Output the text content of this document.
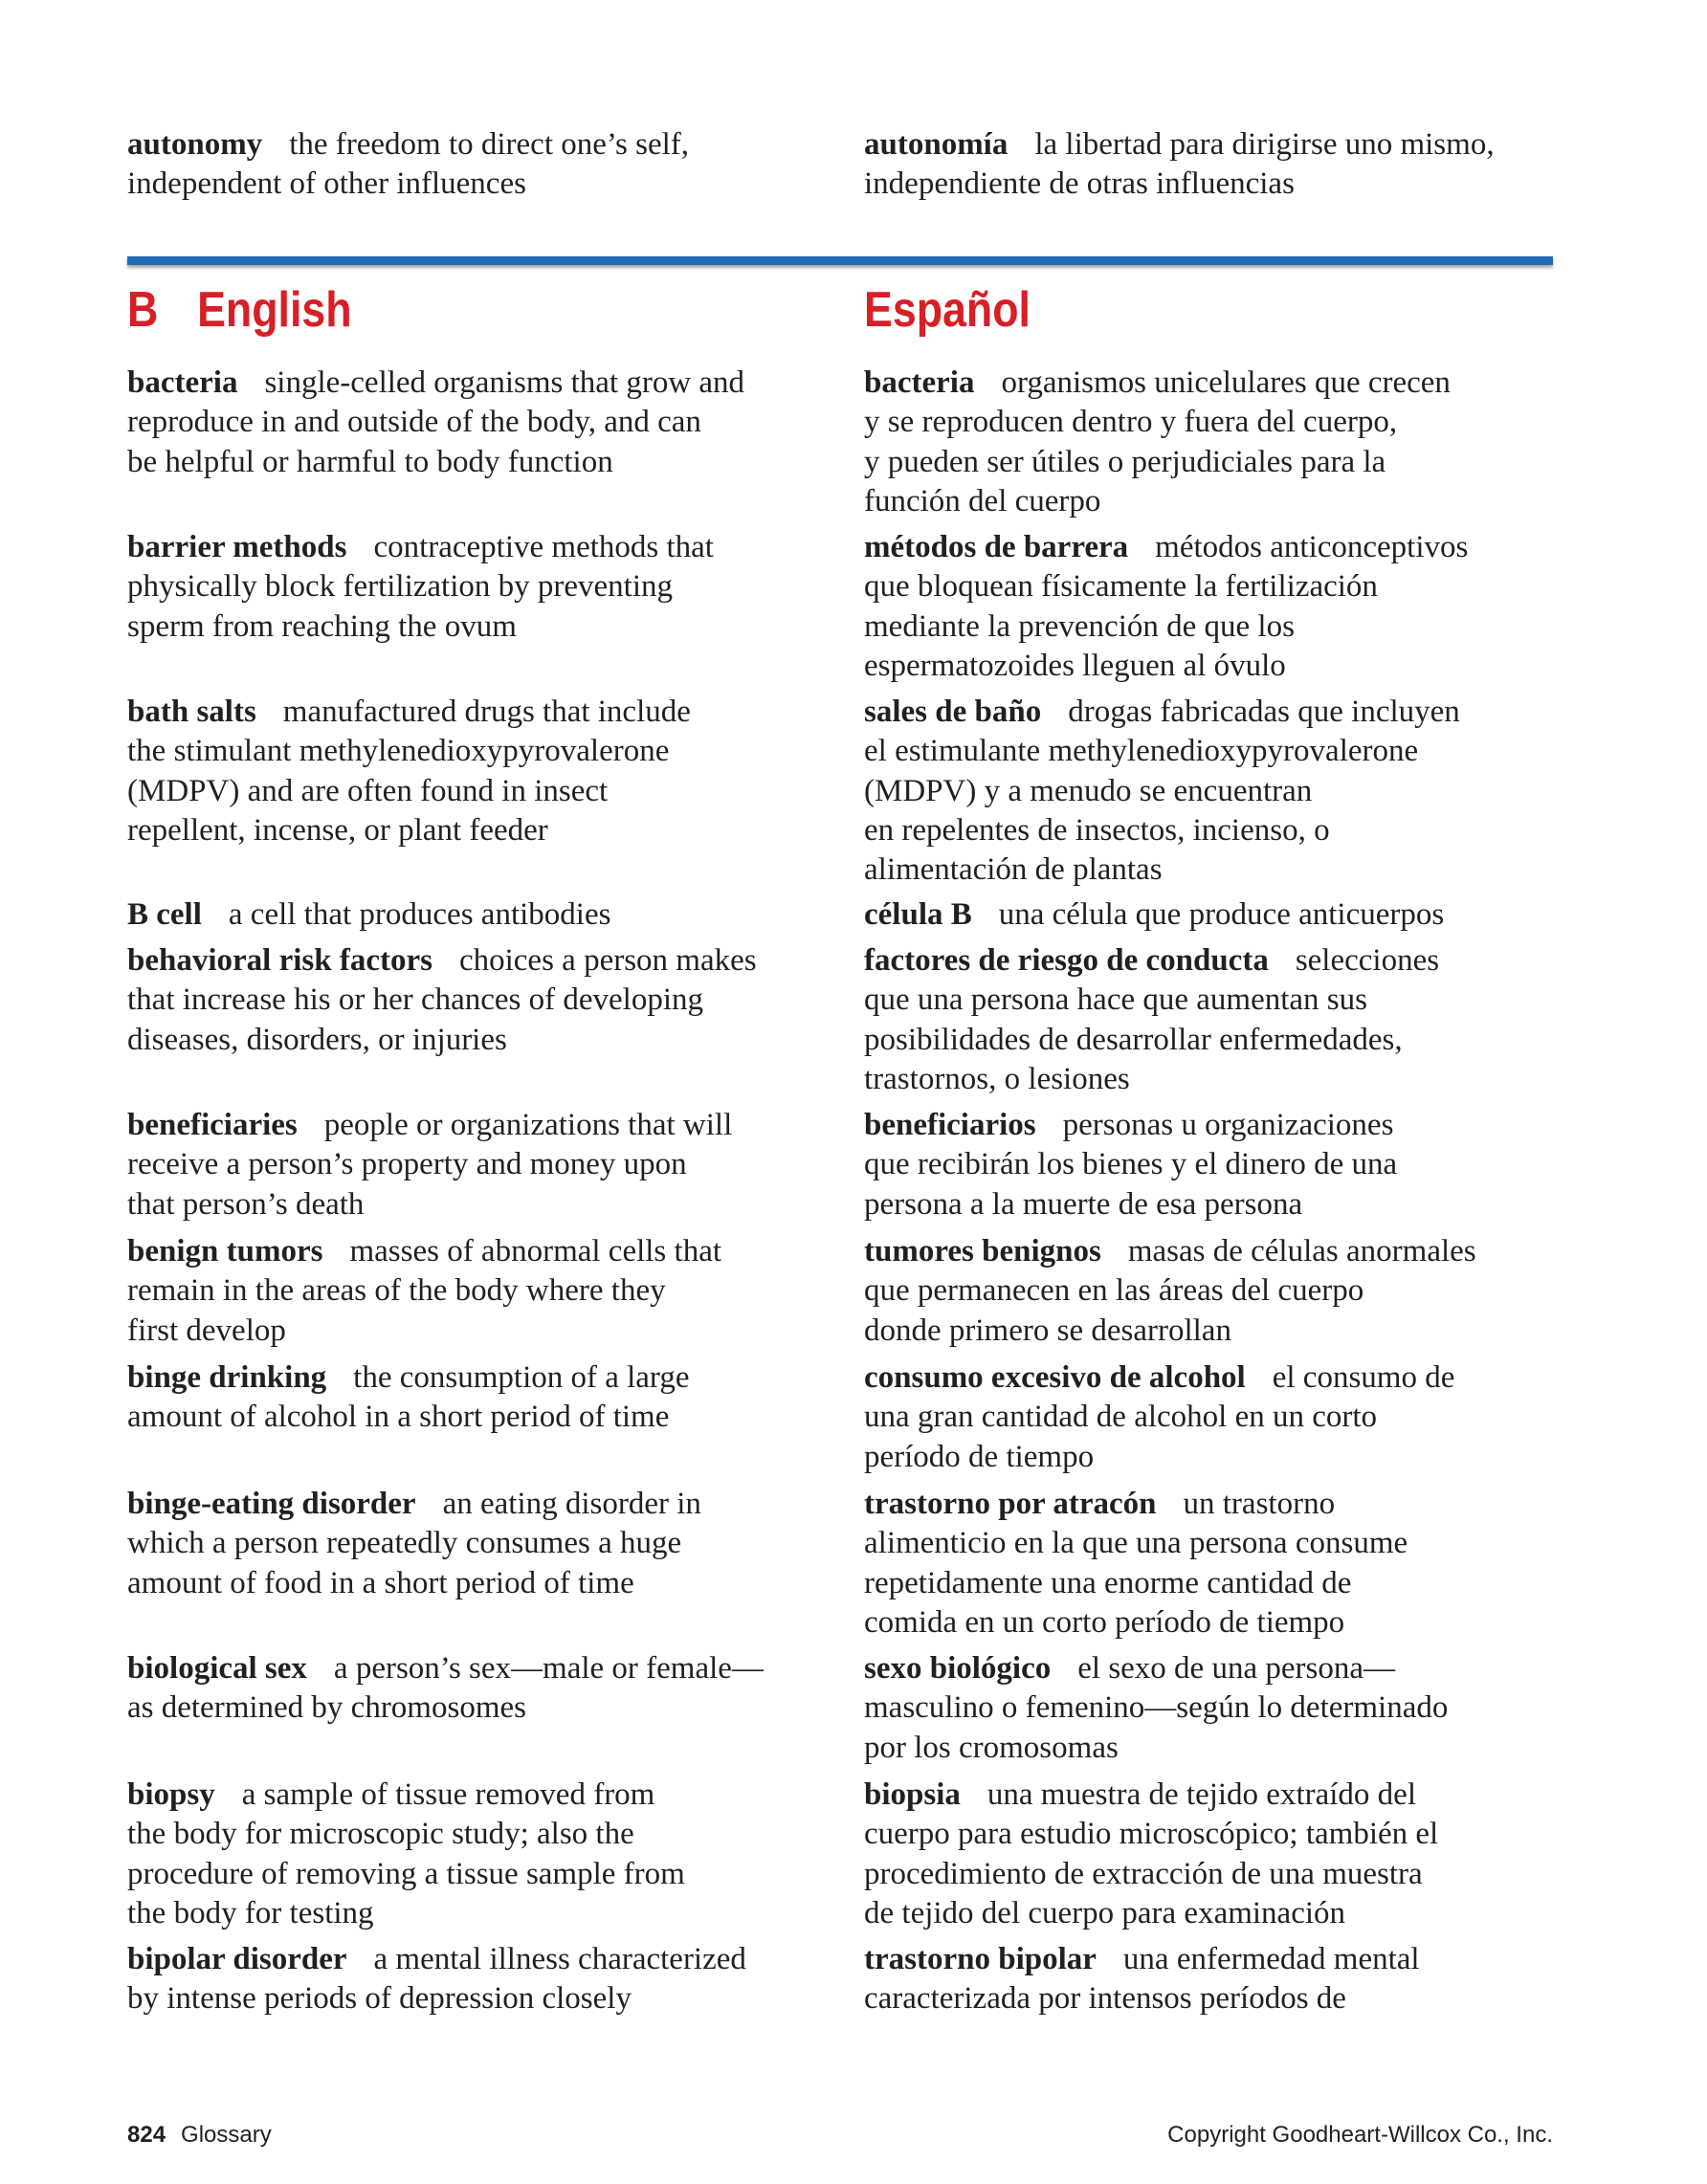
autonomy the freedom to direct one’s self,
independent of other influences
autonomía la libertad para dirigirse uno mismo,
independiente de otras influencias
B English	Español
bacteria single-celled organisms that grow and
reproduce in and outside of the body, and can
be helpful or harmful to body function
barrier methods contraceptive methods that
physically block fertilization by preventing
sperm from reaching the ovum
bath salts manufactured drugs that include
the stimulant methylenedioxypyrovalerone
(MDPV) and are often found in insect
repellent, incense, or plant feeder
B cell a cell that produces antibodies
behavioral risk factors choices a person makes
that increase his or her chances of developing
diseases, disorders, or injuries
beneficiaries people or organizations that will
receive a person’s property and money upon
that person’s death
benign tumors masses of abnormal cells that
remain in the areas of the body where they
first develop
binge drinking the consumption of a large
amount of alcohol in a short period of time
binge-eating disorder an eating disorder in
which a person repeatedly consumes a huge
amount of food in a short period of time
biological sex a person’s sex—male or female—
as determined by chromosomes
biopsy a sample of tissue removed from
the body for microscopic study; also the
procedure of removing a tissue sample from
the body for testing
bipolar disorder a mental illness characterized
by intense periods of depression closely
bacteria organismos unicelulares que crecen
y se reproducen dentro y fuera del cuerpo,
y pueden ser útiles o perjudiciales para la
función del cuerpo
métodos de barrera métodos anticonceptivos
que bloquean físicamente la fertilización
mediante la prevención de que los
espermatozoides lleguen al óvulo
sales de baño drogas fabricadas que incluyen
el estimulante methylenedioxypyrovalerone
(MDPV) y a menudo se encuentran
en repelentes de insectos, incienso, o
alimentación de plantas
célula B una célula que produce anticuerpos
factores de riesgo de conducta selecciones
que una persona hace que aumentan sus
posibilidades de desarrollar enfermedades,
trastornos, o lesiones
beneficiarios personas u organizaciones
que recibirán los bienes y el dinero de una
persona a la muerte de esa persona
tumores benignos masas de células anormales
que permanecen en las áreas del cuerpo
donde primero se desarrollan
consumo excesivo de alcohol el consumo de
una gran cantidad de alcohol en un corto
período de tiempo
trastorno por atracón un trastorno
alimenticio en la que una persona consume
repetidamente una enorme cantidad de
comida en un corto período de tiempo
sexo biológico el sexo de una persona—
masculino o femenino—según lo determinado
por los cromosomas
biopsia una muestra de tejido extraído del
cuerpo para estudio microscópico; también el
procedimiento de extracción de una muestra
de tejido del cuerpo para examinación
trastorno bipolar una enfermedad mental
caracterizada por intensos períodos de
824 Glossary	Copyright Goodheart-Willcox Co., Inc.
